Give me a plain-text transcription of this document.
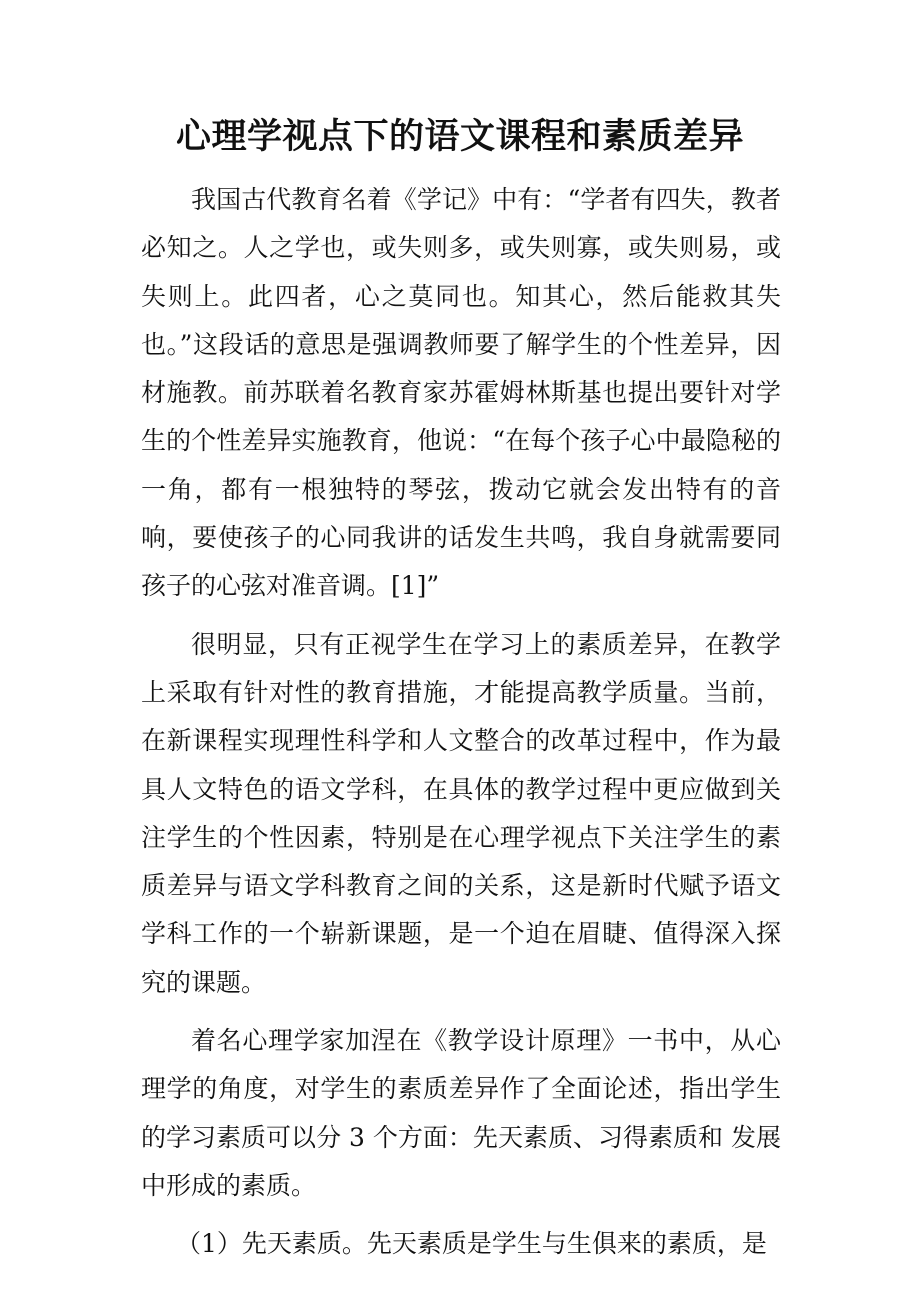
心理学视点下的语文课程和素质差异

我国古代教育名着《学记》中有：“学者有四失，教者必知之。人之学也，或失则多，或失则寡，或失则易，或失则上。此四者，心之莫同也。知其心，然后能救其失也。”这段话的意思是强调教师要了解学生的个性差异，因材施教。前苏联着名教育家苏霍姆林斯基也提出要针对学生的个性差异实施教育，他说：“在每个孩子心中最隐秘的一角，都有一根独特的琴弦，拨动它就会发出特有的音响，要使孩子的心同我讲的话发生共鸣，我自身就需要同孩子的心弦对准音调。[1]”

很明显，只有正视学生在学习上的素质差异，在教学上采取有针对性的教育措施，才能提高教学质量。当前，在新课程实现理性科学和人文整合的改革过程中，作为最具人文特色的语文学科，在具体的教学过程中更应做到关注学生的个性因素，特别是在心理学视点下关注学生的素质差异与语文学科教育之间的关系，这是新时代赋予语文学科工作的一个崭新课题，是一个迫在眉睫、值得深入探究的课题。

着名心理学家加涅在《教学设计原理》一书中，从心理学的角度，对学生的素质差异作了全面论述，指出学生的学习素质可以分 3 个方面：先天素质、习得素质和 发展 中形成的素质。

（1）先天素质。先天素质是学生与生俱来的素质，是
